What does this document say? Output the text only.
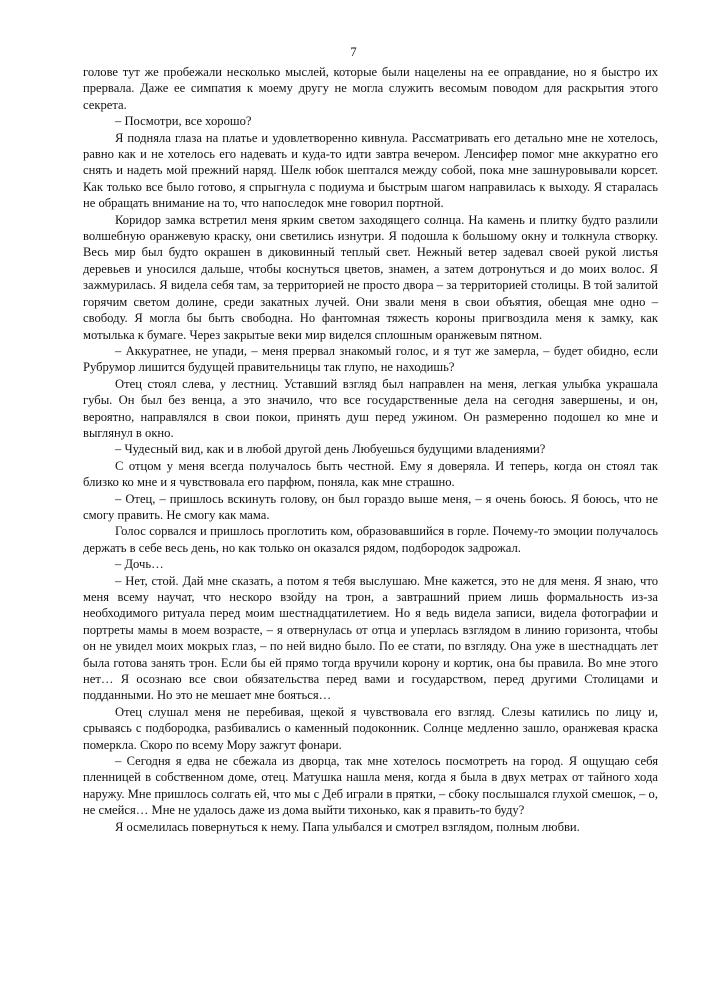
7

голове тут же пробежали несколько мыслей, которые были нацелены на ее оправдание, но я быстро их прервала. Даже ее симпатия к моему другу не могла служить весомым поводом для раскрытия этого секрета.

– Посмотри, все хорошо?

Я подняла глаза на платье и удовлетворенно кивнула. Рассматривать его детально мне не хотелось, равно как и не хотелось его надевать и куда-то идти завтра вечером. Ленсифер помог мне аккуратно его снять и надеть мой прежний наряд. Шелк юбок шептался между собой, пока мне зашнуровывали корсет. Как только все было готово, я спрыгнула с подиума и быстрым шагом направилась к выходу. Я старалась не обращать внимание на то, что напоследок мне говорил портной.

Коридор замка встретил меня ярким светом заходящего солнца. На камень и плитку будто разлили волшебную оранжевую краску, они светились изнутри. Я подошла к большому окну и толкнула створку. Весь мир был будто окрашен в диковинный теплый свет. Нежный ветер задевал своей рукой листья деревьев и уносился дальше, чтобы коснуться цветов, знамен, а затем дотронуться и до моих волос. Я зажмурилась. Я видела себя там, за территорией не просто двора – за территорией столицы. В той залитой горячим светом долине, среди закатных лучей. Они звали меня в свои объятия, обещая мне одно – свободу. Я могла бы быть свободна. Но фантомная тяжесть короны пригвоздила меня к замку, как мотылька к бумаге. Через закрытые веки мир виделся сплошным оранжевым пятном.

– Аккуратнее, не упади, – меня прервал знакомый голос, и я тут же замерла, – будет обидно, если Рубрумор лишится будущей правительницы так глупо, не находишь?

Отец стоял слева, у лестниц. Уставший взгляд был направлен на меня, легкая улыбка украшала губы. Он был без венца, а это значило, что все государственные дела на сегодня завершены, и он, вероятно, направлялся в свои покои, принять душ перед ужином. Он размеренно подошел ко мне и выглянул в окно.

– Чудесный вид, как и в любой другой день Любуешься будущими владениями?

С отцом у меня всегда получалось быть честной. Ему я доверяла. И теперь, когда он стоял так близко ко мне и я чувствовала его парфюм, поняла, как мне страшно.

– Отец, – пришлось вскинуть голову, он был гораздо выше меня, – я очень боюсь. Я боюсь, что не смогу править. Не смогу как мама.

Голос сорвался и пришлось проглотить ком, образовавшийся в горле. Почему-то эмоции получалось держать в себе весь день, но как только он оказался рядом, подбородок задрожал.

– Дочь…

– Нет, стой. Дай мне сказать, а потом я тебя выслушаю. Мне кажется, это не для меня. Я знаю, что меня всему научат, что нескоро взойду на трон, а завтрашний прием лишь формальность из-за необходимого ритуала перед моим шестнадцатилетием. Но я ведь видела записи, видела фотографии и портреты мамы в моем возрасте, – я отвернулась от отца и уперлась взглядом в линию горизонта, чтобы он не увидел моих мокрых глаз, – по ней видно было. По ее стати, по взгляду. Она уже в шестнадцать лет была готова занять трон. Если бы ей прямо тогда вручили корону и кортик, она бы правила. Во мне этого нет… Я осознаю все свои обязательства перед вами и государством, перед другими Столицами и подданными. Но это не мешает мне бояться…

Отец слушал меня не перебивая, щекой я чувствовала его взгляд. Слезы катились по лицу и, срываясь с подбородка, разбивались о каменный подоконник. Солнце медленно зашло, оранжевая краска померкла. Скоро по всему Мору зажгут фонари.

– Сегодня я едва не сбежала из дворца, так мне хотелось посмотреть на город. Я ощущаю себя пленницей в собственном доме, отец. Матушка нашла меня, когда я была в двух метрах от тайного хода наружу. Мне пришлось солгать ей, что мы с Деб играли в прятки, – сбоку послышался глухой смешок, – о, не смейся… Мне не удалось даже из дома выйти тихонько, как я править-то буду?

Я осмелилась повернуться к нему. Папа улыбался и смотрел взглядом, полным любви.
